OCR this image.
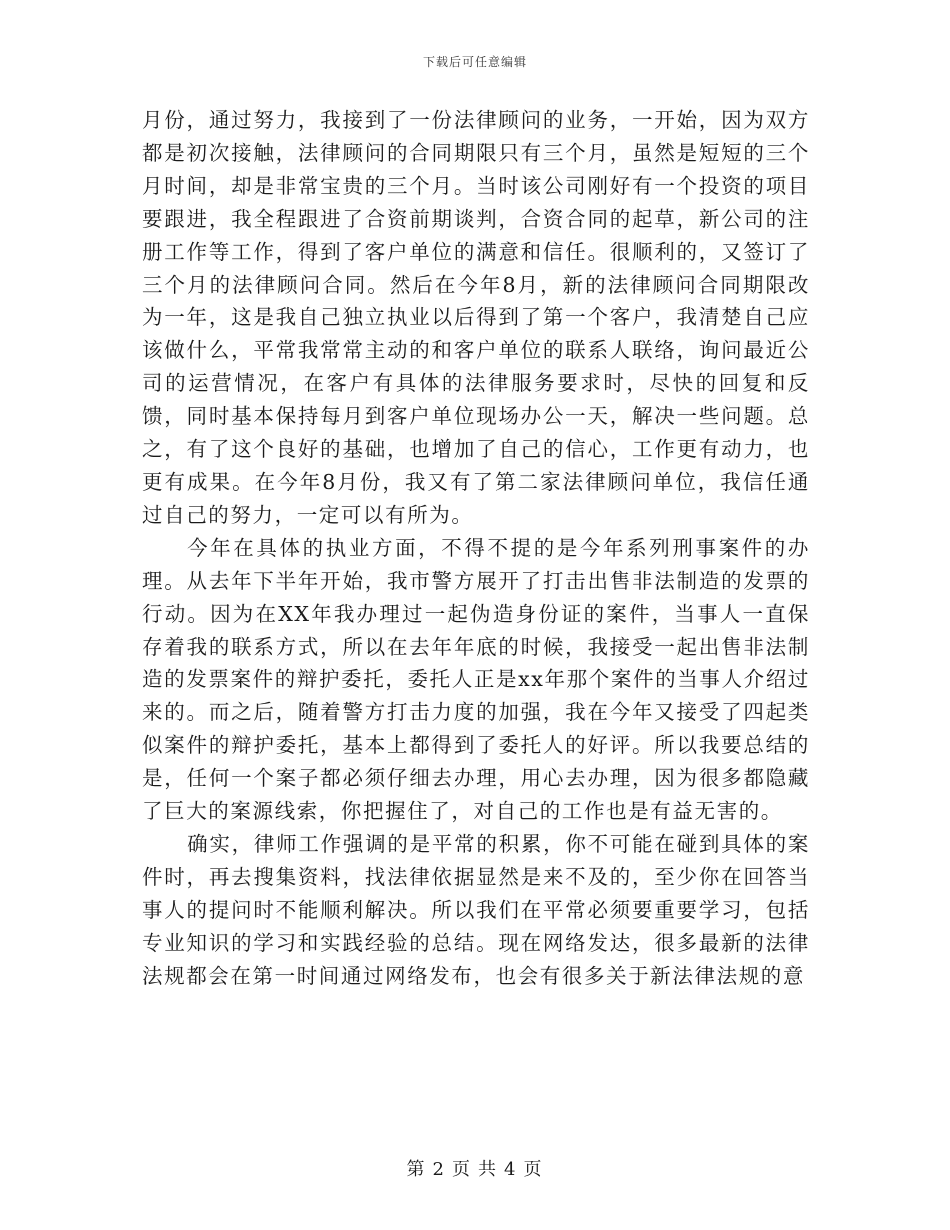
下载后可任意编辑

月份，通过努力，我接到了一份法律顾问的业务，一开始，因为双方都是初次接触，法律顾问的合同期限只有三个月，虽然是短短的三个月时间，却是非常宝贵的三个月。当时该公司刚好有一个投资的项目要跟进，我全程跟进了合资前期谈判，合资合同的起草，新公司的注册工作等工作，得到了客户单位的满意和信任。很顺利的，又签订了三个月的法律顾问合同。然后在今年8月，新的法律顾问合同期限改为一年，这是我自己独立执业以后得到了第一个客户，我清楚自己应该做什么，平常我常常主动的和客户单位的联系人联络，询问最近公司的运营情况，在客户有具体的法律服务要求时，尽快的回复和反馈，同时基本保持每月到客户单位现场办公一天，解决一些问题。总之，有了这个良好的基础，也增加了自己的信心，工作更有动力，也更有成果。在今年8月份，我又有了第二家法律顾问单位，我信任通过自己的努力，一定可以有所为。

今年在具体的执业方面，不得不提的是今年系列刑事案件的办理。从去年下半年开始，我市警方展开了打击出售非法制造的发票的行动。因为在XX年我办理过一起伪造身份证的案件，当事人一直保存着我的联系方式，所以在去年年底的时候，我接受一起出售非法制造的发票案件的辩护委托，委托人正是xx年那个案件的当事人介绍过来的。而之后，随着警方打击力度的加强，我在今年又接受了四起类似案件的辩护委托，基本上都得到了委托人的好评。所以我要总结的是，任何一个案子都必须仔细去办理，用心去办理，因为很多都隐藏了巨大的案源线索，你把握住了，对自己的工作也是有益无害的。

确实，律师工作强调的是平常的积累，你不可能在碰到具体的案件时，再去搜集资料，找法律依据显然是来不及的，至少你在回答当事人的提问时不能顺利解决。所以我们在平常必须要重要学习，包括专业知识的学习和实践经验的总结。现在网络发达，很多最新的法律法规都会在第一时间通过网络发布，也会有很多关于新法律法规的意

第 2 页 共 4 页
